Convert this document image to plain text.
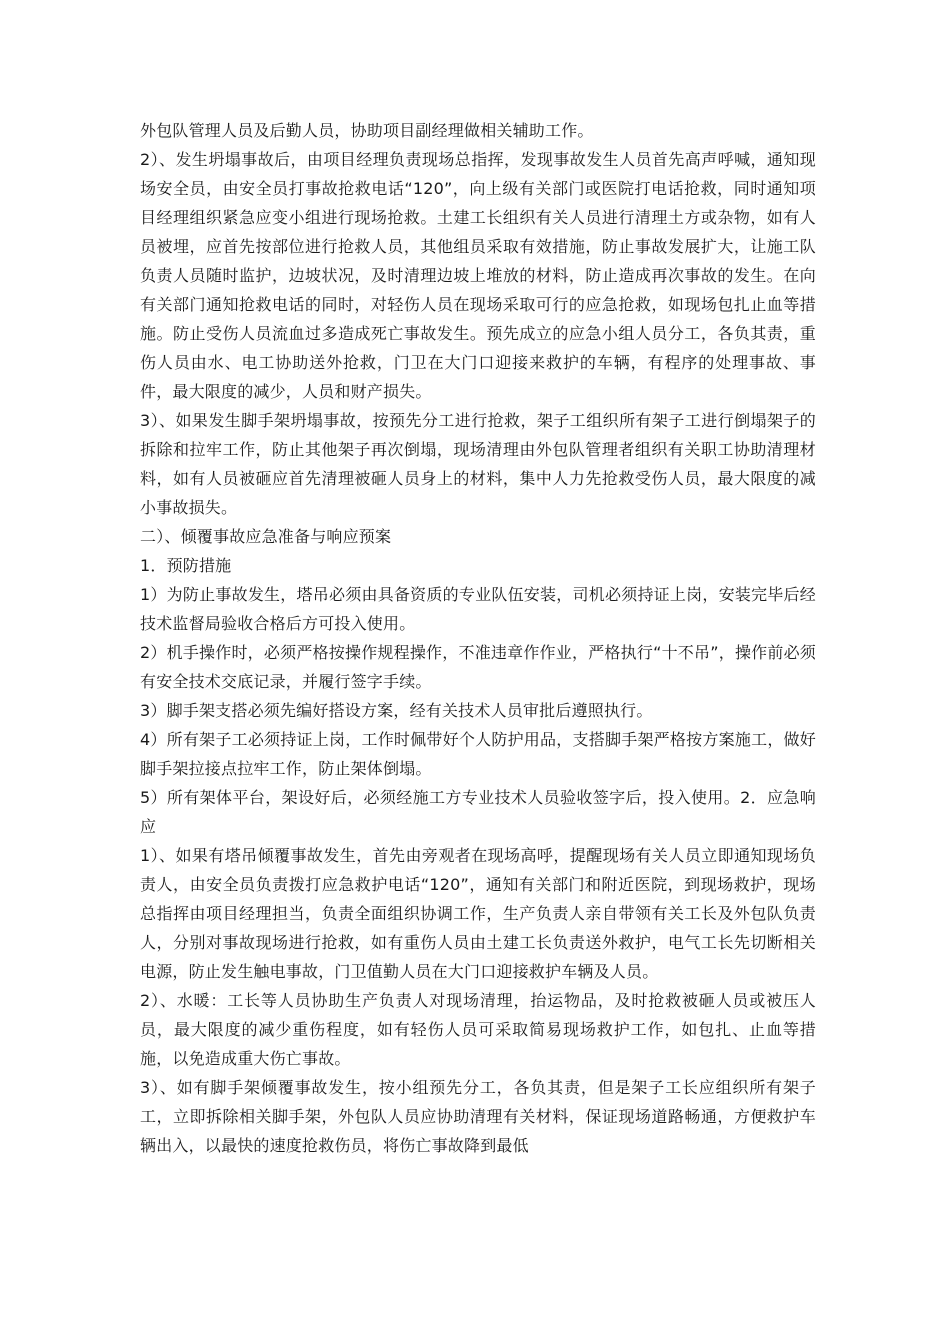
外包队管理人员及后勤人员，协助项目副经理做相关辅助工作。

2）、发生坍塌事故后，由项目经理负责现场总指挥，发现事故发生人员首先高声呼喊，通知现场安全员，由安全员打事故抢救电话“120”，向上级有关部门或医院打电话抢救，同时通知项目经理组织紧急应变小组进行现场抢救。土建工长组织有关人员进行清理土方或杂物，如有人员被埋，应首先按部位进行抢救人员，其他组员采取有效措施，防止事故发展扩大，让施工队负责人员随时监护，边坡状况，及时清理边坡上堆放的材料，防止造成再次事故的发生。在向有关部门通知抢救电话的同时，对轻伤人员在现场采取可行的应急抢救，如现场包扎止血等措施。防止受伤人员流血过多造成死亡事故发生。预先成立的应急小组人员分工，各负其责，重伤人员由水、电工协助送外抢救，门卫在大门口迎接来救护的车辆，有程序的处理事故、事件，最大限度的减少，人员和财产损失。

3）、如果发生脚手架坍塌事故，按预先分工进行抢救，架子工组织所有架子工进行倒塌架子的拆除和拉牢工作，防止其他架子再次倒塌，现场清理由外包队管理者组织有关职工协助清理材料，如有人员被砸应首先清理被砸人员身上的材料，集中人力先抢救受伤人员，最大限度的减小事故损失。

二）、倾覆事故应急准备与响应预案

1．预防措施

1）为防止事故发生，塔吊必须由具备资质的专业队伍安装，司机必须持证上岗，安装完毕后经技术监督局验收合格后方可投入使用。

2）机手操作时，必须严格按操作规程操作，不准违章作作业，严格执行“十不吊”，操作前必须有安全技术交底记录，并履行签字手续。

3）脚手架支搭必须先编好搭设方案，经有关技术人员审批后遵照执行。

4）所有架子工必须持证上岗，工作时佩带好个人防护用品，支搭脚手架严格按方案施工，做好脚手架拉接点拉牢工作，防止架体倒塌。

5）所有架体平台，架设好后，必须经施工方专业技术人员验收签字后，投入使用。2．应急响应

1）、如果有塔吊倾覆事故发生，首先由旁观者在现场高呼，提醒现场有关人员立即通知现场负责人，由安全员负责拨打应急救护电话“120”，通知有关部门和附近医院，到现场救护，现场总指挥由项目经理担当，负责全面组织协调工作，生产负责人亲自带领有关工长及外包队负责人，分别对事故现场进行抢救，如有重伤人员由土建工长负责送外救护，电气工长先切断相关电源，防止发生触电事故，门卫值勤人员在大门口迎接救护车辆及人员。

2）、水暖：工长等人员协助生产负责人对现场清理，抬运物品，及时抢救被砸人员或被压人员，最大限度的减少重伤程度，如有轻伤人员可采取简易现场救护工作，如包扎、止血等措施，以免造成重大伤亡事故。

3）、如有脚手架倾覆事故发生，按小组预先分工，各负其责，但是架子工长应组织所有架子工，立即拆除相关脚手架，外包队人员应协助清理有关材料，保证现场道路畅通，方便救护车辆出入，以最快的速度抢救伤员，将伤亡事故降到最低
